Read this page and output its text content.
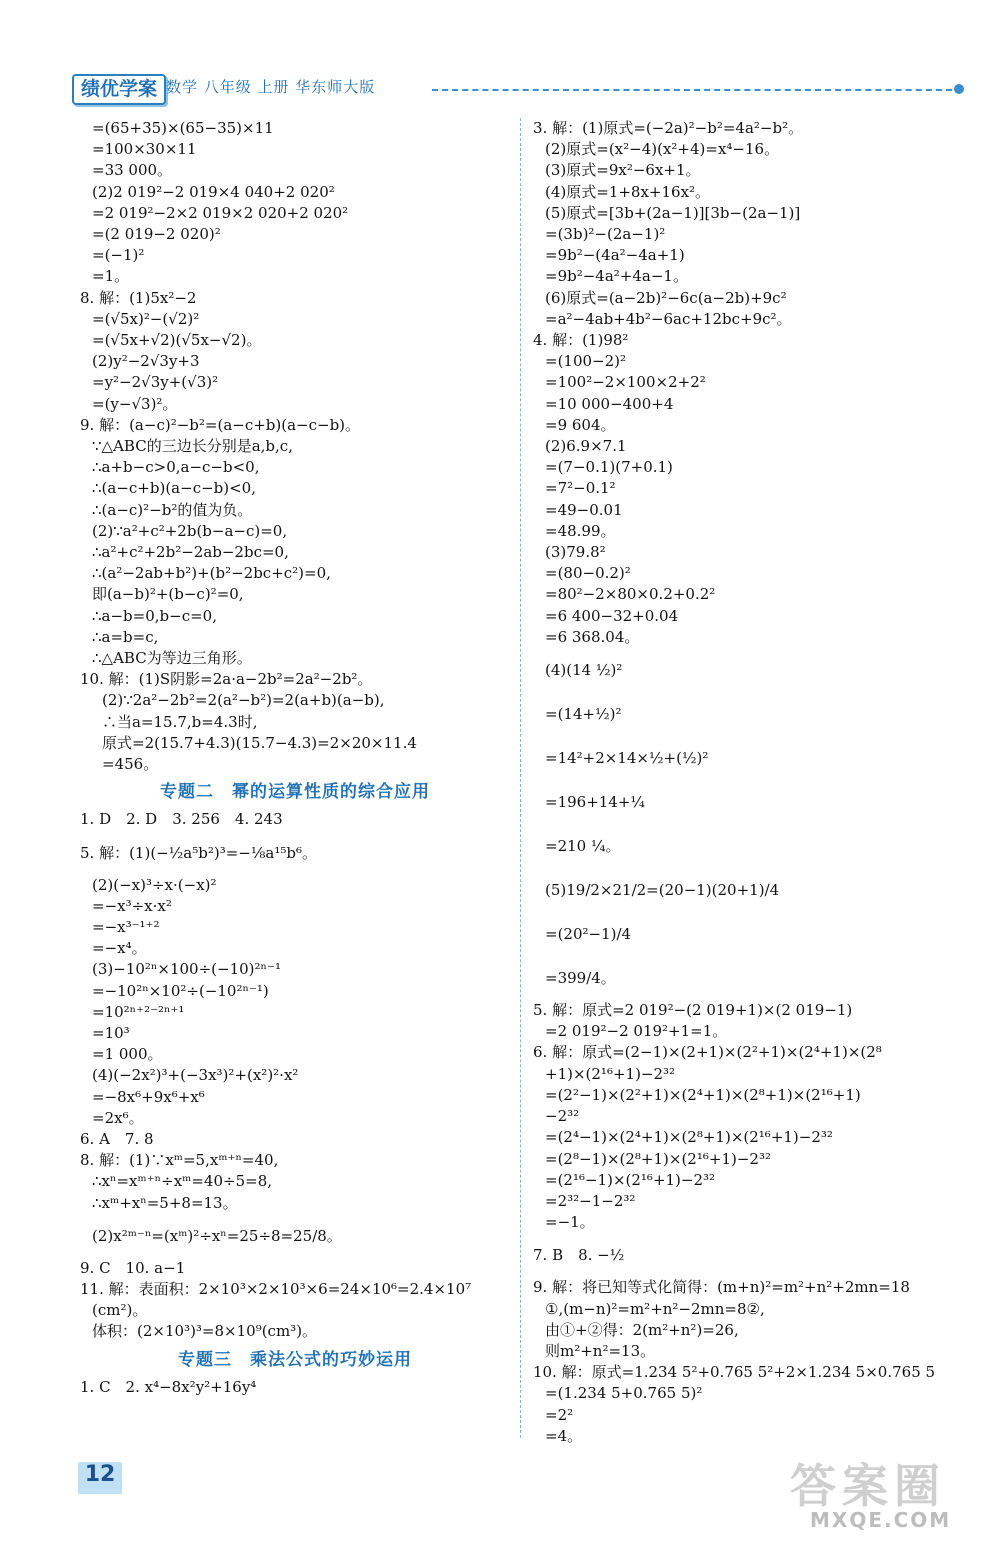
绩优学案 数学 八年级 上册 华东师大版
=(65+35)×(65−35)×11
=100×30×11
=33 000。
(2)2 019²−2 019×4 040+2 020²
=2 019²−2×2 019×2 020+2 020²
=(2 019−2 020)²
=(−1)²
=1。
8. 解：(1)5x²−2
=(√5x)²−(√2)²
=(√5x+√2)(√5x−√2)。
(2)y²−2√3y+3
=y²−2√3y+(√3)²
=(y−√3)²。
9. 解：(a−c)²−b²=(a−c+b)(a−c−b)。
∵△ABC的三边长分别是a,b,c,
∴a+b−c>0,a−c−b<0,
∴(a−c+b)(a−c−b)<0,
∴(a−c)²−b²的值为负。
(2)∵a²+c²+2b(b−a−c)=0,
∴a²+c²+2b²−2ab−2bc=0,
∴(a²−2ab+b²)+(b²−2bc+c²)=0,
即(a−b)²+(b−c)²=0,
∴a−b=0,b−c=0,
∴a=b=c,
∴△ABC为等边三角形。
10. 解：(1)S阴影=2a·a−2b²=2a²−2b²。
(2)∵2a²−2b²=2(a²−b²)=2(a+b)(a−b),
∴当a=15.7,b=4.3时,
原式=2(15.7+4.3)(15.7−4.3)=2×20×11.4
=456。
专题二　幂的运算性质的综合应用
1. D　2. D　3. 256　4. 243
5. 解：(1)(−½a⁵b²)³=−⅛a¹⁵b⁶。
(2)(−x)³÷x·(−x)²
=−x³÷x·x²
=−x³⁻¹⁺²
=−x⁴。
(3)−10²ⁿ×100÷(−10)²ⁿ⁻¹
=−10²ⁿ×10²÷(−10²ⁿ⁻¹)
=10²ⁿ⁺²⁻²ⁿ⁺¹
=10³
=1 000。
(4)(−2x²)³+(−3x³)²+(x²)²·x²
=−8x⁶+9x⁶+x⁶
=2x⁶。
6. A　7. 8
8. 解：(1)∵xᵐ=5,xᵐ⁺ⁿ=40,
∴xⁿ=xᵐ⁺ⁿ÷xᵐ=40÷5=8,
∴xᵐ+xⁿ=5+8=13。
(2)x²ᵐ⁻ⁿ=(xᵐ)²÷xⁿ=25÷8=25/8。
9. C　10. a−1
11. 解：表面积：2×10³×2×10³×6=24×10⁶=2.4×10⁷
(cm²)。
体积：(2×10³)³=8×10⁹(cm³)。
专题三　乘法公式的巧妙运用
1. C　2. x⁴−8x²y²+16y⁴
3. 解：(1)原式=(−2a)²−b²=4a²−b²。
(2)原式=(x²−4)(x²+4)=x⁴−16。
(3)原式=9x²−6x+1。
(4)原式=1+8x+16x²。
(5)原式=[3b+(2a−1)][3b−(2a−1)]
=(3b)²−(2a−1)²
=9b²−(4a²−4a+1)
=9b²−4a²+4a−1。
(6)原式=(a−2b)²−6c(a−2b)+9c²
=a²−4ab+4b²−6ac+12bc+9c²。
4. 解：(1)98²
=(100−2)²
=100²−2×100×2+2²
=10 000−400+4
=9 604。
(2)6.9×7.1
=(7−0.1)(7+0.1)
=7²−0.1²
=49−0.01
=48.99。
(3)79.8²
=(80−0.2)²
=80²−2×80×0.2+0.2²
=6 400−32+0.04
=6 368.04。
(4)(14 ½)²
=(14+½)²
=14²+2×14×½+(½)²
=196+14+¼
=210 ¼。
(5)19/2×21/2=(20−1)(20+1)/4
=(20²−1)/4
=399/4。
5. 解：原式=2 019²−(2 019+1)×(2 019−1)
=2 019²−2 019²+1=1。
6. 解：原式=(2−1)×(2+1)×(2²+1)×(2⁴+1)×(2⁸
+1)×(2¹⁶+1)−2³²
=(2²−1)×(2²+1)×(2⁴+1)×(2⁸+1)×(2¹⁶+1)
−2³²
=(2⁴−1)×(2⁴+1)×(2⁸+1)×(2¹⁶+1)−2³²
=(2⁸−1)×(2⁸+1)×(2¹⁶+1)−2³²
=(2¹⁶−1)×(2¹⁶+1)−2³²
=2³²−1−2³²
=−1。
7. B　8. −½
9. 解：将已知等式化简得：(m+n)²=m²+n²+2mn=18
①,(m−n)²=m²+n²−2mn=8②,
由①+②得：2(m²+n²)=26,
则m²+n²=13。
10. 解：原式=1.234 5²+0.765 5²+2×1.234 5×0.765 5
=(1.234 5+0.765 5)²
=2²
=4。
12	答案圈
MXQE.COM
